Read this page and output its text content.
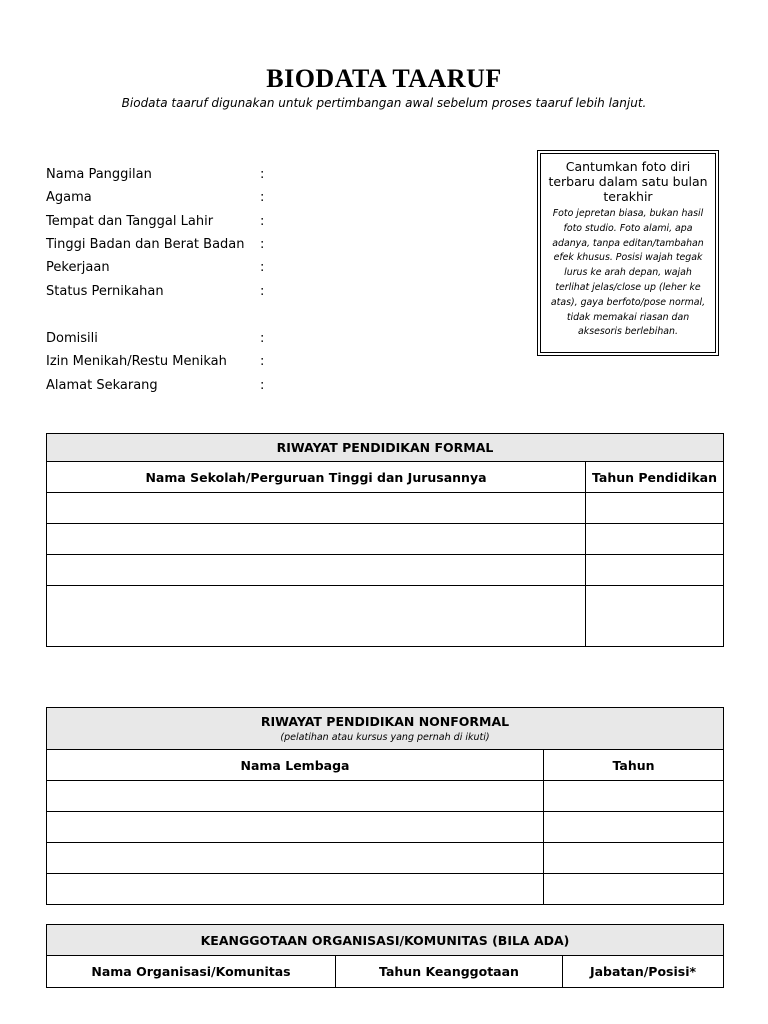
BIODATA TAARUF
Biodata taaruf digunakan untuk pertimbangan awal sebelum proses taaruf lebih lanjut.
Nama Panggilan	:
Agama	:
Tempat dan Tanggal Lahir	:
Tinggi Badan dan Berat Badan :
Pekerjaan	:
Status Pernikahan	:
Domisili	:
Izin Menikah/Restu Menikah	:
Alamat Sekarang	:
Cantumkan foto diri terbaru dalam satu bulan terakhir
Foto jepretan biasa, bukan hasil foto studio. Foto alami, apa adanya, tanpa editan/tambahan efek khusus. Posisi wajah tegak lurus ke arah depan, wajah terlihat jelas/close up (leher ke atas), gaya berfoto/pose normal, tidak memakai riasan dan aksesoris berlebihan.
RIWAYAT PENDIDIKAN FORMAL	
Nama Sekolah/Perguruan Tinggi dan Jurusannya	Tahun Pendidikan

RIWAYAT PENDIDIKAN NONFORMAL
(pelatihan atau kursus yang pernah di ikuti)	

Nama Lembaga	Tahun

KEANGGOTAAN ORGANISASI/KOMUNITAS (BILA ADA)
Nama Organisasi/Komunitas	Tahun Keanggotaan	Jabatan/Posisi*
